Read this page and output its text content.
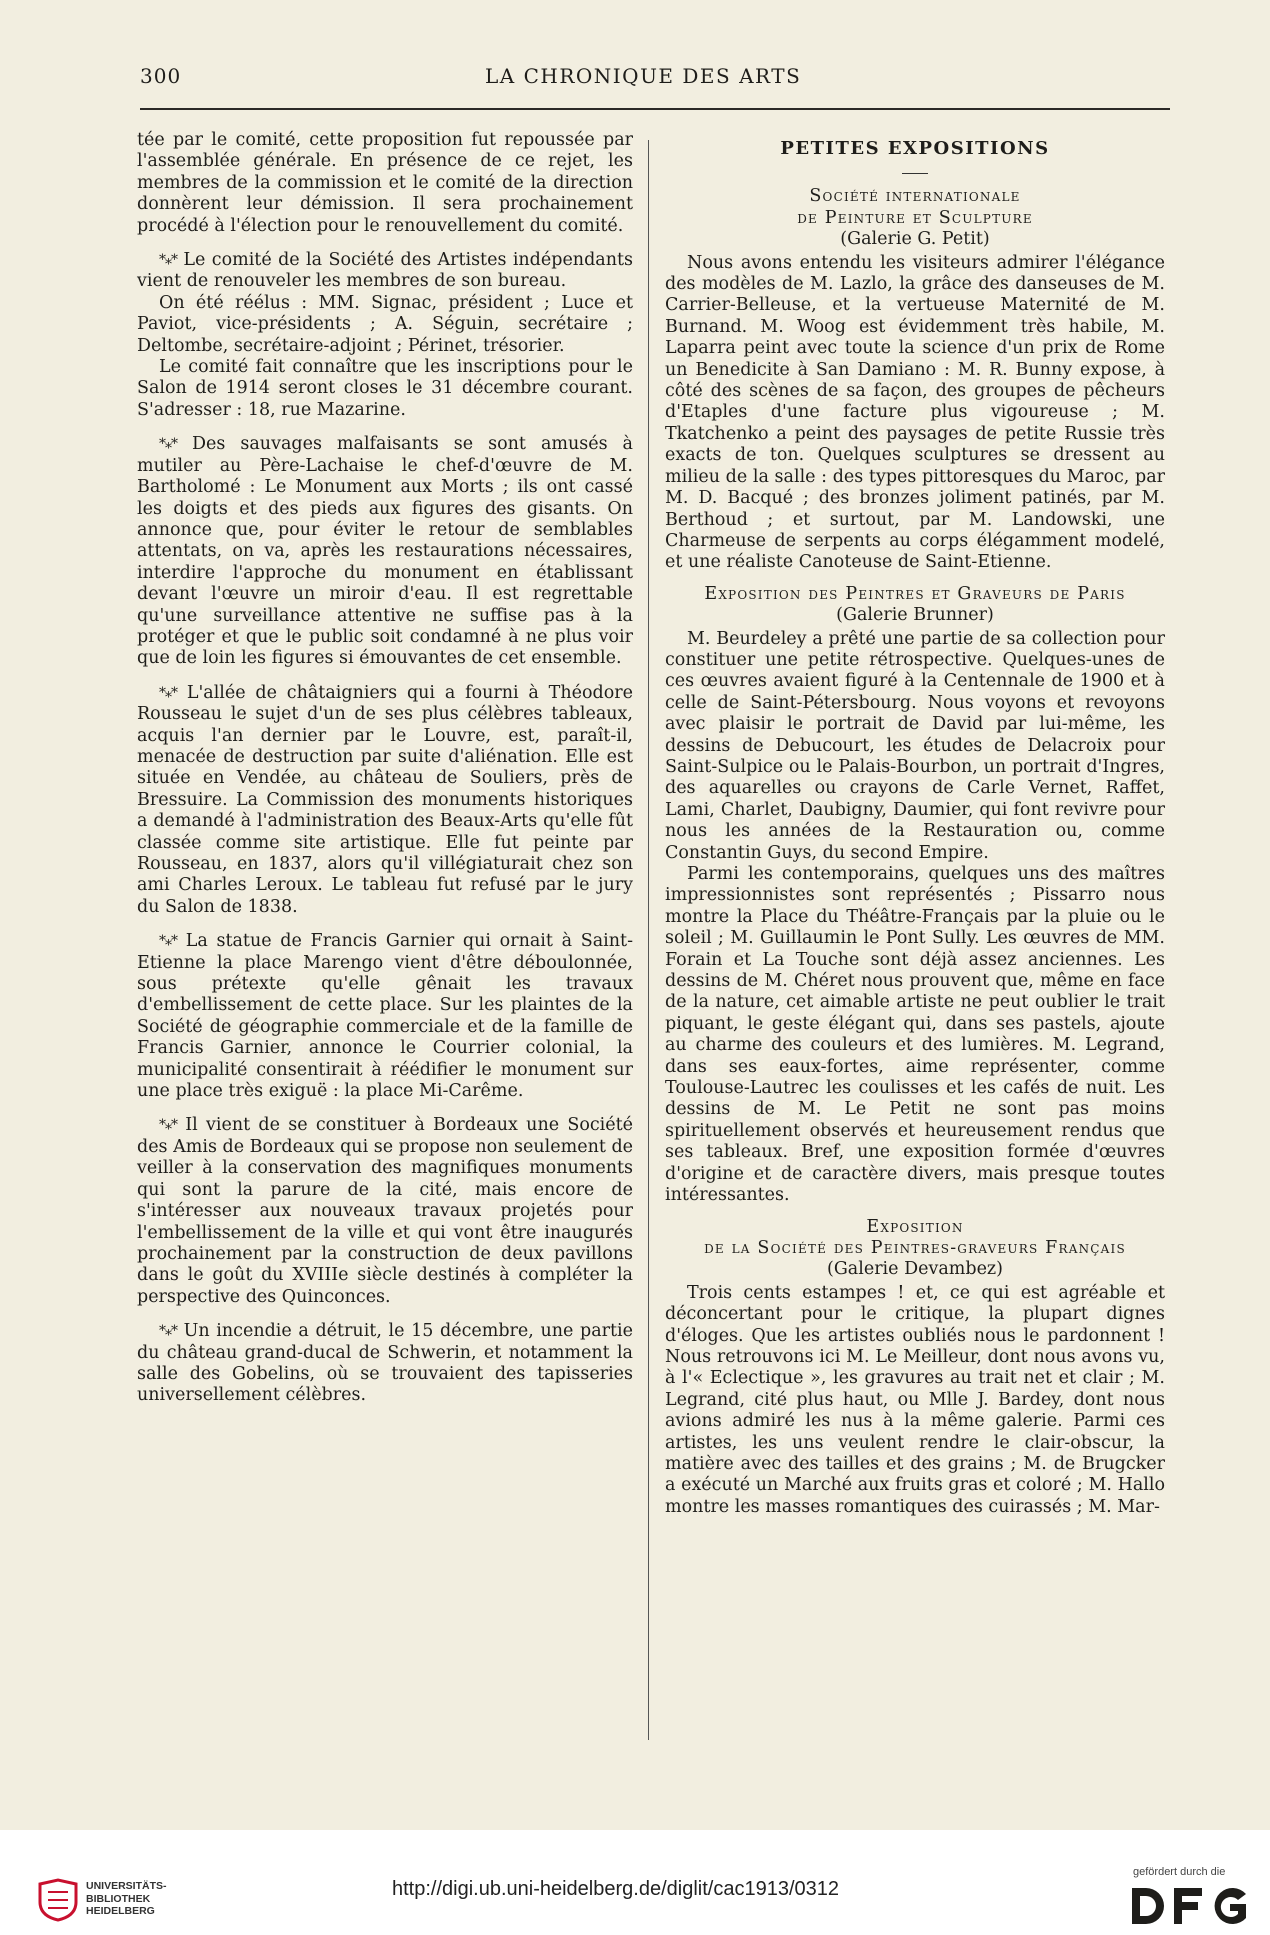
300	LA CHRONIQUE DES ARTS

tée par le comité, cette proposition fut repoussée par l'assemblée générale. En présence de ce rejet, les membres de la commission et le comité de la direction donnèrent leur démission. Il sera prochainement procédé à l'élection pour le renouvellement du comité.

*⁎* Le comité de la Société des Artistes indépendants vient de renouveler les membres de son bureau.

On été réélus : MM. Signac, président ; Luce et Paviot, vice-présidents ; A. Séguin, secrétaire ; Deltombe, secrétaire-adjoint ; Périnet, trésorier.

Le comité fait connaître que les inscriptions pour le Salon de 1914 seront closes le 31 décembre courant. S'adresser : 18, rue Mazarine.

*⁎* Des sauvages malfaisants se sont amusés à mutiler au Père-Lachaise le chef-d'œuvre de M. Bartholomé : Le Monument aux Morts ; ils ont cassé les doigts et des pieds aux figures des gisants. On annonce que, pour éviter le retour de semblables attentats, on va, après les restaurations nécessaires, interdire l'approche du monument en établissant devant l'œuvre un miroir d'eau. Il est regrettable qu'une surveillance attentive ne suffise pas à la protéger et que le public soit condamné à ne plus voir que de loin les figures si émouvantes de cet ensemble.

*⁎* L'allée de châtaigniers qui a fourni à Théodore Rousseau le sujet d'un de ses plus célèbres tableaux, acquis l'an dernier par le Louvre, est, paraît-il, menacée de destruction par suite d'aliénation. Elle est située en Vendée, au château de Souliers, près de Bressuire. La Commission des monuments historiques a demandé à l'administration des Beaux-Arts qu'elle fût classée comme site artistique. Elle fut peinte par Rousseau, en 1837, alors qu'il villégiaturait chez son ami Charles Leroux. Le tableau fut refusé par le jury du Salon de 1838.

*⁎* La statue de Francis Garnier qui ornait à Saint-Etienne la place Marengo vient d'être déboulonnée, sous prétexte qu'elle gênait les travaux d'embellissement de cette place. Sur les plaintes de la Société de géographie commerciale et de la famille de Francis Garnier, annonce le Courrier colonial, la municipalité consentirait à réédifier le monument sur une place très exiguë : la place Mi-Carême.

*⁎* Il vient de se constituer à Bordeaux une Société des Amis de Bordeaux qui se propose non seulement de veiller à la conservation des magnifiques monuments qui sont la parure de la cité, mais encore de s'intéresser aux nouveaux travaux projetés pour l'embellissement de la ville et qui vont être inaugurés prochainement par la construction de deux pavillons dans le goût du XVIIIe siècle destinés à compléter la perspective des Quinconces.

*⁎* Un incendie a détruit, le 15 décembre, une partie du château grand-ducal de Schwerin, et notamment la salle des Gobelins, où se trouvaient des tapisseries universellement célèbres.

PETITES EXPOSITIONS
Société internationale
de Peinture et Sculpture
(Galerie G. Petit)

Nous avons entendu les visiteurs admirer l'élégance des modèles de M. Lazlo, la grâce des danseuses de M. Carrier-Belleuse, et la vertueuse Maternité de M. Burnand. M. Woog est évidemment très habile, M. Laparra peint avec toute la science d'un prix de Rome un Benedicite à San Damiano : M. R. Bunny expose, à côté des scènes de sa façon, des groupes de pêcheurs d'Etaples d'une facture plus vigoureuse ; M. Tkatchenko a peint des paysages de petite Russie très exacts de ton. Quelques sculptures se dressent au milieu de la salle : des types pittoresques du Maroc, par M. D. Bacqué ; des bronzes joliment patinés, par M. Berthoud ; et surtout, par M. Landowski, une Charmeuse de serpents au corps élégamment modelé, et une réaliste Canoteuse de Saint-Etienne.

Exposition des Peintres et Graveurs de Paris
(Galerie Brunner)

M. Beurdeley a prêté une partie de sa collection pour constituer une petite rétrospective. Quelques-unes de ces œuvres avaient figuré à la Centennale de 1900 et à celle de Saint-Pétersbourg. Nous voyons et revoyons avec plaisir le portrait de David par lui-même, les dessins de Debucourt, les études de Delacroix pour Saint-Sulpice ou le Palais-Bourbon, un portrait d'Ingres, des aquarelles ou crayons de Carle Vernet, Raffet, Lami, Charlet, Daubigny, Daumier, qui font revivre pour nous les années de la Restauration ou, comme Constantin Guys, du second Empire.

Parmi les contemporains, quelques uns des maîtres impressionnistes sont représentés ; Pissarro nous montre la Place du Théâtre-Français par la pluie ou le soleil ; M. Guillaumin le Pont Sully. Les œuvres de MM. Forain et La Touche sont déjà assez anciennes. Les dessins de M. Chéret nous prouvent que, même en face de la nature, cet aimable artiste ne peut oublier le trait piquant, le geste élégant qui, dans ses pastels, ajoute au charme des couleurs et des lumières. M. Legrand, dans ses eaux-fortes, aime représenter, comme Toulouse-Lautrec les coulisses et les cafés de nuit. Les dessins de M. Le Petit ne sont pas moins spirituellement observés et heureusement rendus que ses tableaux. Bref, une exposition formée d'œuvres d'origine et de caractère divers, mais presque toutes intéressantes.

Exposition
de la Société des Peintres-graveurs Français
(Galerie Devambez)

Trois cents estampes ! et, ce qui est agréable et déconcertant pour le critique, la plupart dignes d'éloges. Que les artistes oubliés nous le pardonnent ! Nous retrouvons ici M. Le Meilleur, dont nous avons vu, à l'« Eclectique », les gravures au trait net et clair ; M. Legrand, cité plus haut, ou Mlle J. Bardey, dont nous avions admiré les nus à la même galerie. Parmi ces artistes, les uns veulent rendre le clair-obscur, la matière avec des tailles et des grains ; M. de Brugcker a exécuté un Marché aux fruits gras et coloré ; M. Hallo montre les masses romantiques des cuirassés ; M. Mar-

UNIVERSITÄTS-
BIBLIOTHEK
HEIDELBERG
http://digi.ub.uni-heidelberg.de/diglit/cac1913/0312
gefördert durch die
